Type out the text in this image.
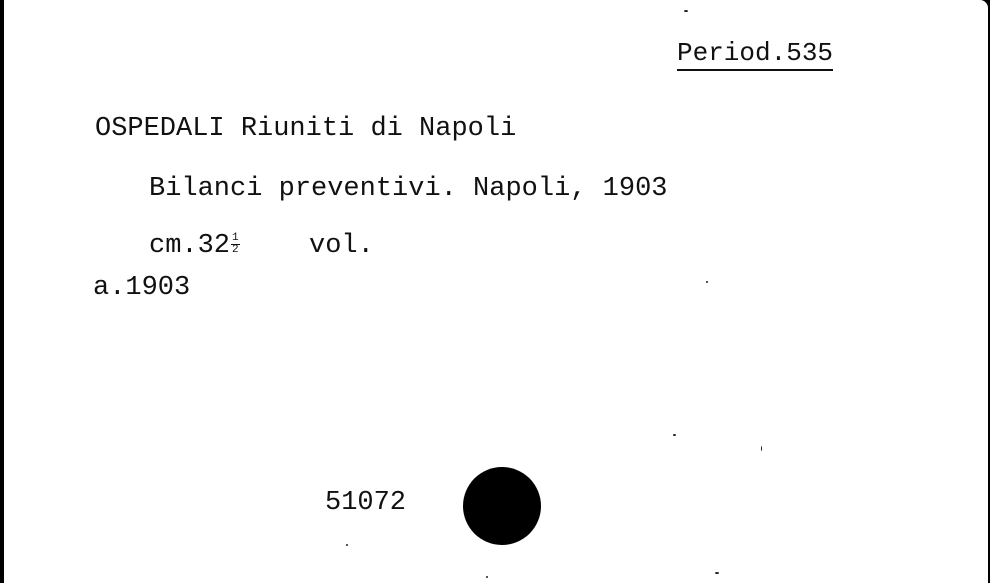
Period.535
OSPEDALI Riuniti di Napoli
Bilanci preventivi. Napoli, 1903
$cm.32 \frac{1}{2}$	vol.
a.1903
51072
